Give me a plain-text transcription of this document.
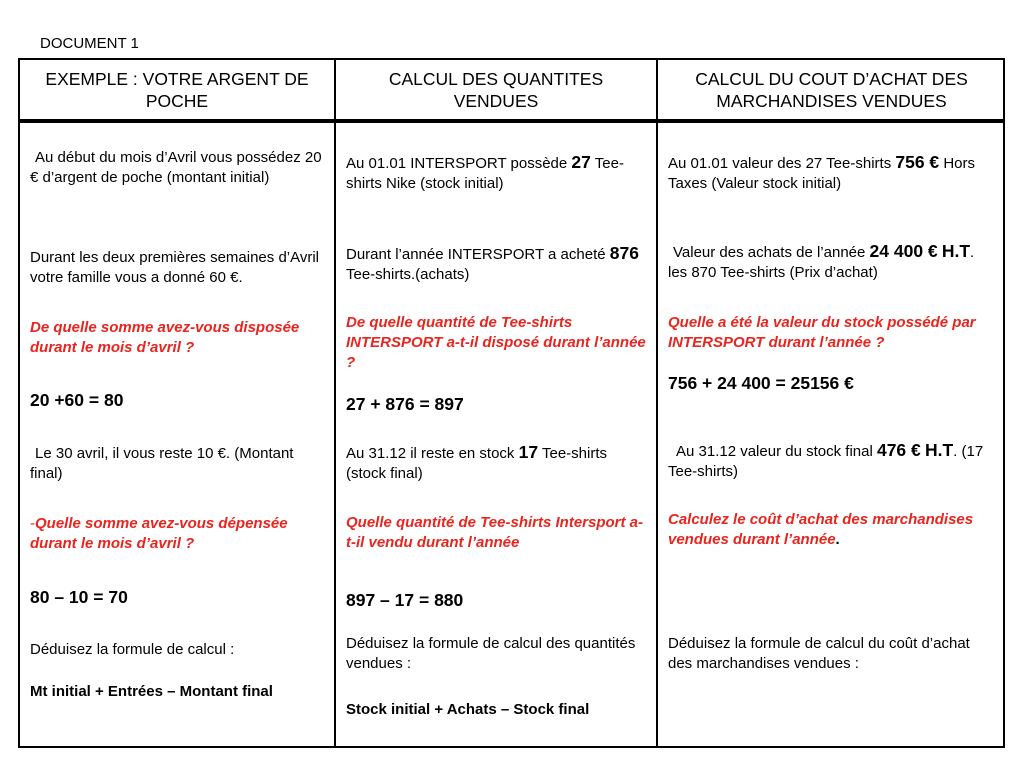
DOCUMENT 1
EXEMPLE : VOTRE ARGENT DE POCHE
CALCUL DES QUANTITES VENDUES
CALCUL DU COUT D’ACHAT DES MARCHANDISES VENDUES
Au début du mois d’Avril vous possédez 20 € d’argent de poche (montant initial)
Durant les deux premières semaines d’Avril votre famille vous a donné 60 €.
De quelle somme avez-vous disposée durant le mois d’avril ?
20 +60 = 80
Le 30 avril, il vous reste 10 €. (Montant final)
-Quelle somme avez-vous dépensée durant le mois d’avril ?
80 – 10 = 70
Déduisez la formule de calcul :
Mt initial + Entrées – Montant final
Au 01.01 INTERSPORT possède 27 Tee-shirts Nike (stock initial)
Durant l’année INTERSPORT a acheté 876 Tee-shirts.(achats)
De quelle quantité de Tee-shirts INTERSPORT a-t-il disposé durant l’année ?
27 + 876 = 897
Au 31.12 il reste en stock 17 Tee-shirts (stock final)
Quelle quantité de Tee-shirts Intersport a-t-il vendu durant l’année
897 – 17 = 880
Déduisez la formule de calcul des quantités vendues :
Stock initial + Achats – Stock final
Au 01.01 valeur des 27 Tee-shirts 756 € Hors Taxes (Valeur stock initial)
Valeur des achats de l’année 24 400 € H.T. les 870 Tee-shirts (Prix d’achat)
Quelle a été la valeur du stock possédé par INTERSPORT durant l’année ?
756 + 24 400 = 25156 €
Au 31.12 valeur du stock final 476 € H.T. (17 Tee-shirts)
Calculez le coût d’achat des marchandises vendues durant l’année.
Déduisez la formule de calcul du coût d’achat des marchandises vendues :
